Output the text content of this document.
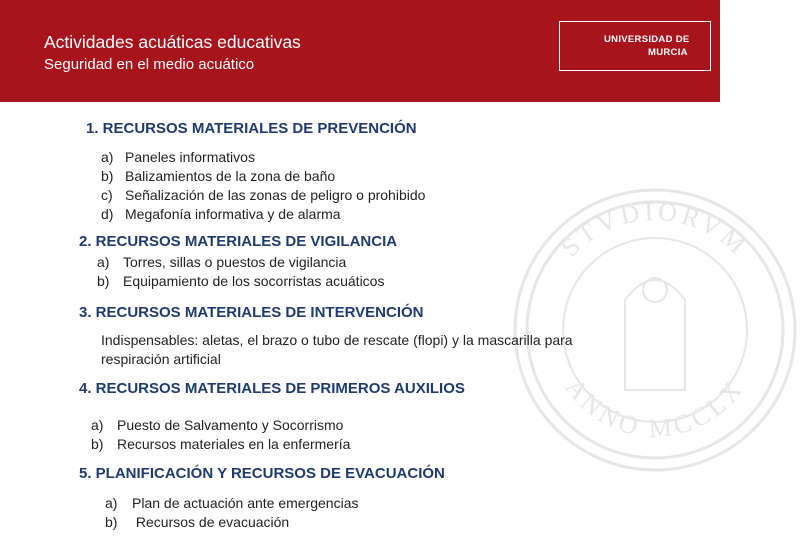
Actividades acuáticas educativas
Seguridad en el medio acuático
UNIVERSIDAD DE
MURCIA
STVDIORVM
ANNO MCCLX
1. RECURSOS MATERIALES DE PREVENCIÓN
a) Paneles informativos
b) Balizamientos de la zona de baño
c) Señalización de las zonas de peligro o prohibido
d) Megafonía informativa y de alarma
2. RECURSOS MATERIALES DE VIGILANCIA
a) Torres, sillas o puestos de vigilancia
b) Equipamiento de los socorristas acuáticos
3. RECURSOS MATERIALES DE INTERVENCIÓN

Indispensables: aletas, el brazo o tubo de rescate (flopi) y la mascarilla para respiración artificial

4. RECURSOS MATERIALES DE PRIMEROS AUXILIOS
a) Puesto de Salvamento y Socorrismo
b) Recursos materiales en la enfermería
5. PLANIFICACIÓN Y RECURSOS DE EVACUACIÓN
a) Plan de actuación ante emergencias
b) Recursos de evacuación
